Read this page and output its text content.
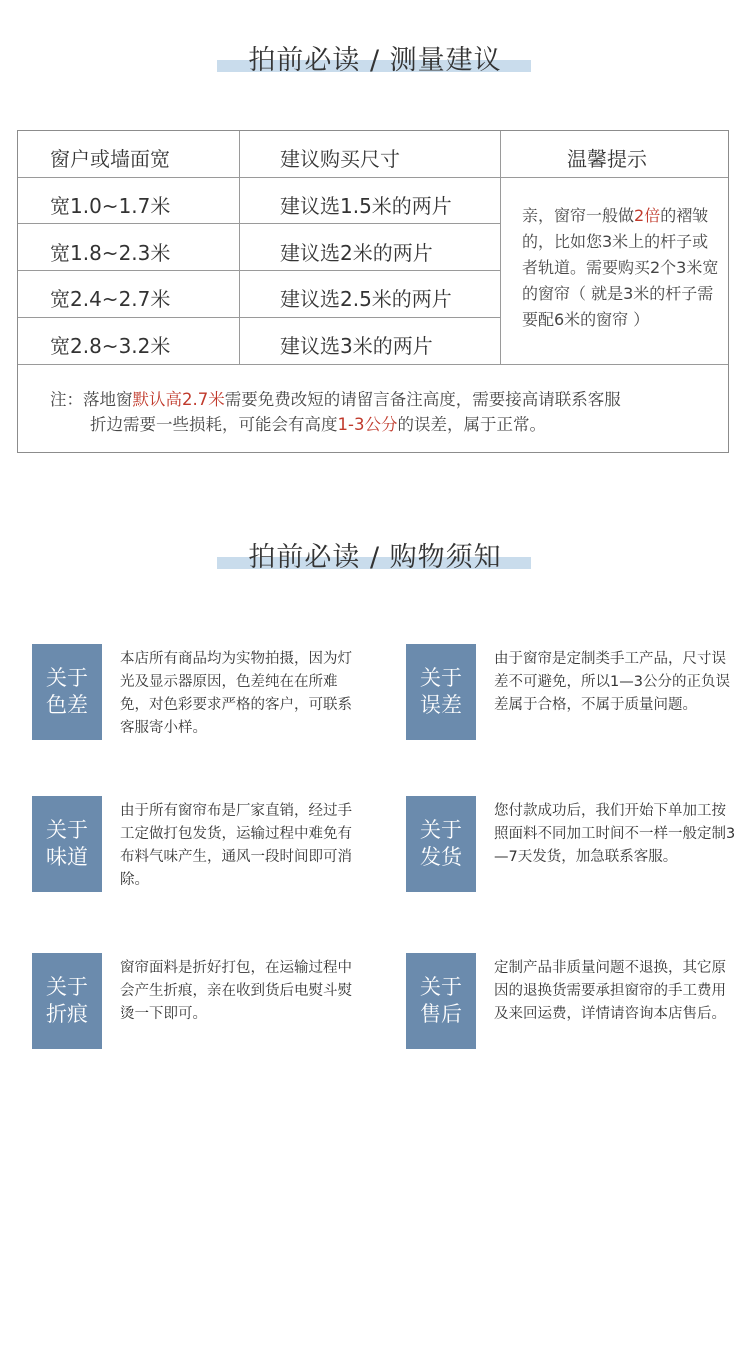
拍前必读 / 测量建议
窗户或墙面宽	建议购买尺寸	温馨提示
宽1.0~1.7米	建议选1.5米的两片
宽1.8~2.3米	建议选2米的两片
宽2.4~2.7米	建议选2.5米的两片
宽2.8~3.2米	建议选3米的两片
亲，窗帘一般做2倍的褶皱的，比如您3米上的杆子或者轨道。需要购买2个3米宽的窗帘（ 就是3米的杆子需要配6米的窗帘 ）
注：落地窗默认高2.7米需要免费改短的请留言备注高度，需要接高请联系客服
折边需要一些损耗，可能会有高度1-3公分的误差，属于正常。
拍前必读 / 购物须知
关于
色差
本店所有商品均为实物拍摄，因为灯光及显示器原因，色差纯在在所难免，对色彩要求严格的客户，可联系客服寄小样。
关于
误差
由于窗帘是定制类手工产品，尺寸误差不可避免，所以1—3公分的正负误差属于合格，不属于质量问题。
关于
味道
由于所有窗帘布是厂家直销，经过手工定做打包发货，运输过程中难免有布料气味产生，通风一段时间即可消除。
关于
发货
您付款成功后，我们开始下单加工按照面料不同加工时间不一样一般定制3—7天发货，加急联系客服。
关于
折痕
窗帘面料是折好打包，在运输过程中会产生折痕，亲在收到货后电熨斗熨烫一下即可。
关于
售后
定制产品非质量问题不退换，其它原因的退换货需要承担窗帘的手工费用及来回运费，详情请咨询本店售后。
